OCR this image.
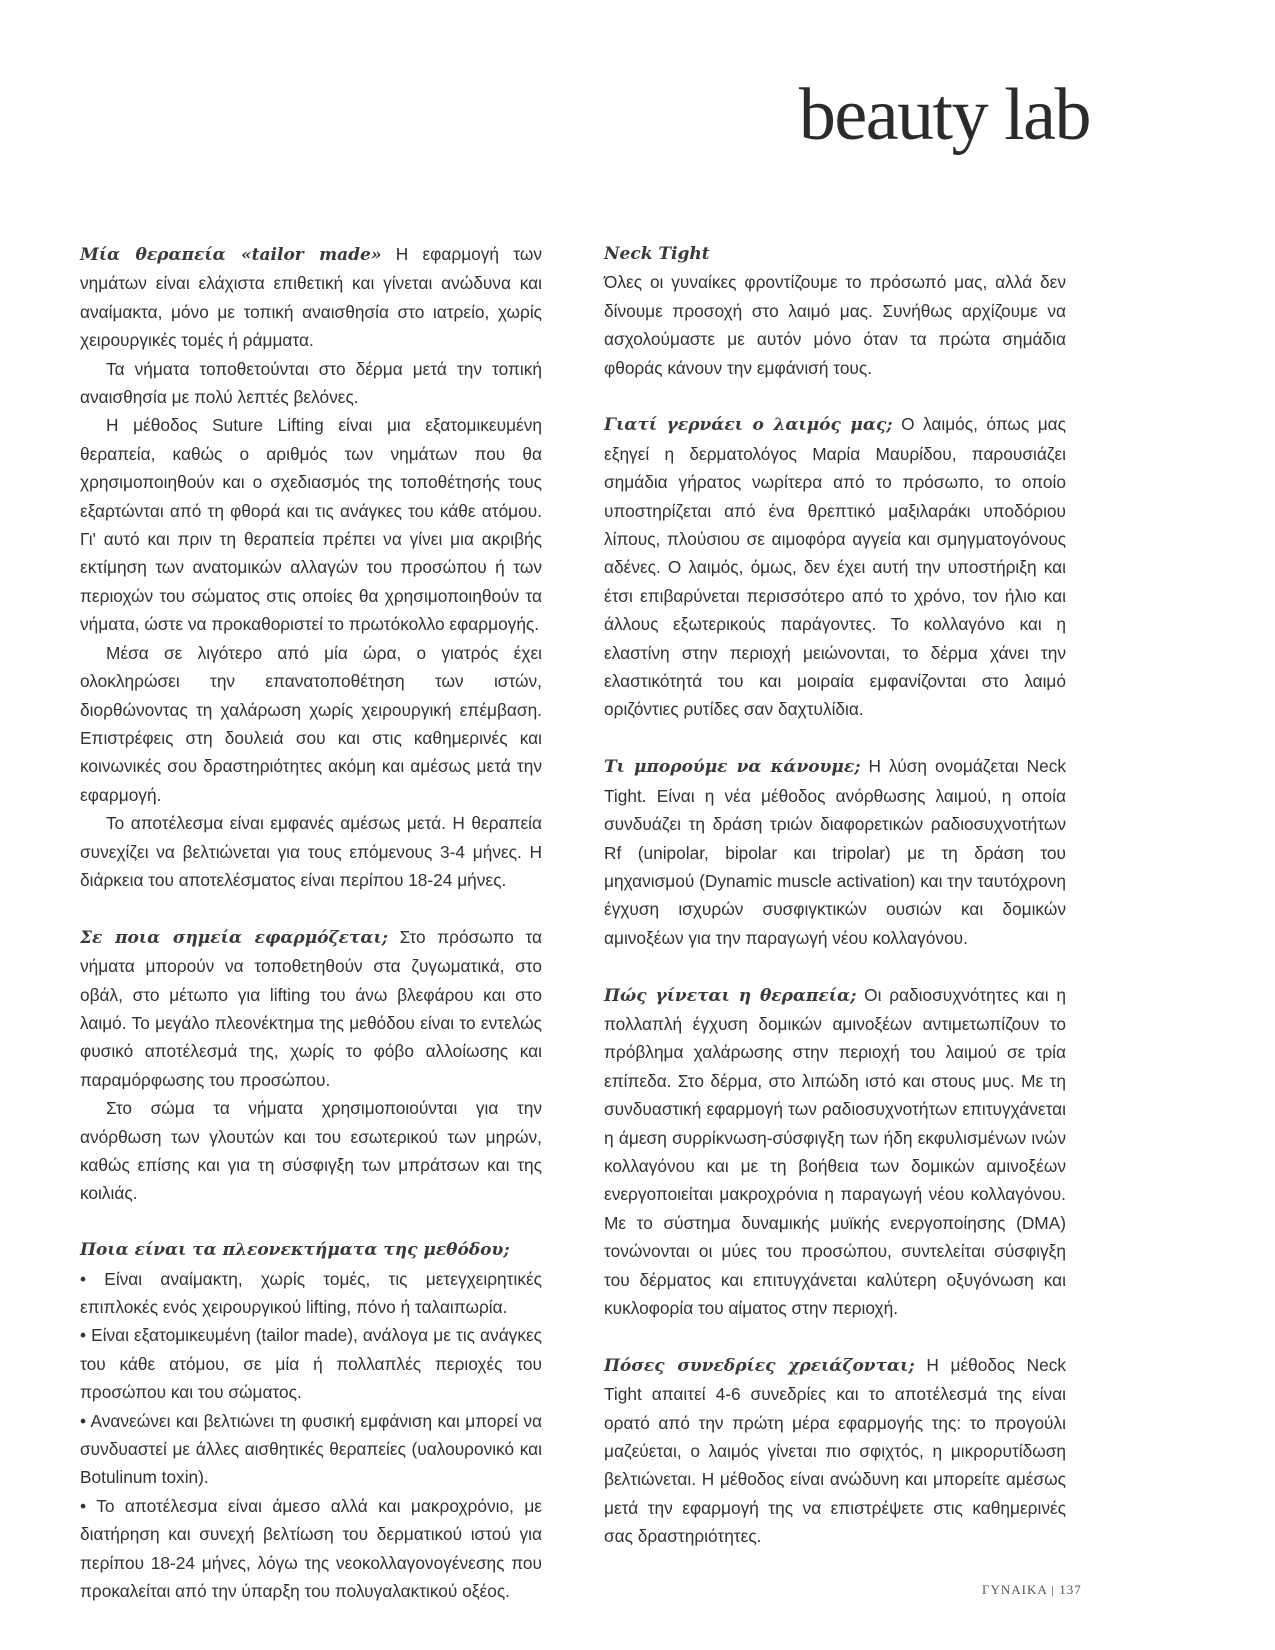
beauty lab

Μία θεραπεία «tailor made» Η εφαρμογή των νημάτων είναι ελάχιστα επιθετική και γίνεται ανώδυνα και αναίμακτα, μόνο με τοπική αναισθησία στο ιατρείο, χωρίς χειρουργικές τομές ή ράμματα.

Τα νήματα τοποθετούνται στο δέρμα μετά την τοπική αναισθησία με πολύ λεπτές βελόνες.

Η μέθοδος Suture Lifting είναι μια εξατομικευμένη θεραπεία, καθώς ο αριθμός των νημάτων που θα χρησιμοποιηθούν και ο σχεδιασμός της τοποθέτησής τους εξαρτώνται από τη φθορά και τις ανάγκες του κάθε ατόμου. Γι' αυτό και πριν τη θεραπεία πρέπει να γίνει μια ακριβής εκτίμηση των ανατομικών αλλαγών του προσώπου ή των περιοχών του σώματος στις οποίες θα χρησιμοποιηθούν τα νήματα, ώστε να προκαθοριστεί το πρωτόκολλο εφαρμογής.

Μέσα σε λιγότερο από μία ώρα, ο γιατρός έχει ολοκληρώσει την επανατοποθέτηση των ιστών, διορθώνοντας τη χαλάρωση χωρίς χειρουργική επέμβαση. Επιστρέφεις στη δουλειά σου και στις καθημερινές και κοινωνικές σου δραστηριότητες ακόμη και αμέσως μετά την εφαρμογή.

Το αποτέλεσμα είναι εμφανές αμέσως μετά. Η θεραπεία συνεχίζει να βελτιώνεται για τους επόμενους 3-4 μήνες. Η διάρκεια του αποτελέσματος είναι περίπου 18-24 μήνες.

Σε ποια σημεία εφαρμόζεται; Στο πρόσωπο τα νήματα μπορούν να τοποθετηθούν στα ζυγωματικά, στο οβάλ, στο μέτωπο για lifting του άνω βλεφάρου και στο λαιμό. Το μεγάλο πλεονέκτημα της μεθόδου είναι το εντελώς φυσικό αποτέλεσμά της, χωρίς το φόβο αλλοίωσης και παραμόρφωσης του προσώπου.

Στο σώμα τα νήματα χρησιμοποιούνται για την ανόρθωση των γλουτών και του εσωτερικού των μηρών, καθώς επίσης και για τη σύσφιγξη των μπράτσων και της κοιλιάς.

Ποια είναι τα πλεονεκτήματα της μεθόδου;

• Είναι αναίμακτη, χωρίς τομές, τις μετεγχειρητικές επιπλοκές ενός χειρουργικού lifting, πόνο ή ταλαιπωρία.

• Είναι εξατομικευμένη (tailor made), ανάλογα με τις ανάγκες του κάθε ατόμου, σε μία ή πολλαπλές περιοχές του προσώπου και του σώματος.

• Ανανεώνει και βελτιώνει τη φυσική εμφάνιση και μπορεί να συνδυαστεί με άλλες αισθητικές θεραπείες (υαλουρονικό και Botulinum toxin).

• Το αποτέλεσμα είναι άμεσο αλλά και μακροχρόνιο, με διατήρηση και συνεχή βελτίωση του δερματικού ιστού για περίπου 18-24 μήνες, λόγω της νεοκολλαγονογένεσης που προκαλείται από την ύπαρξη του πολυγαλακτικού οξέος.

Neck Tight

Όλες οι γυναίκες φροντίζουμε το πρόσωπό μας, αλλά δεν δίνουμε προσοχή στο λαιμό μας. Συνήθως αρχίζουμε να ασχολούμαστε με αυτόν μόνο όταν τα πρώτα σημάδια φθοράς κάνουν την εμφάνισή τους.

Γιατί γερνάει ο λαιμός μας; Ο λαιμός, όπως μας εξηγεί η δερματολόγος Μαρία Μαυρίδου, παρουσιάζει σημάδια γήρατος νωρίτερα από το πρόσωπο, το οποίο υποστηρίζεται από ένα θρεπτικό μαξιλαράκι υποδόριου λίπους, πλούσιου σε αιμοφόρα αγγεία και σμηγματογόνους αδένες. Ο λαιμός, όμως, δεν έχει αυτή την υποστήριξη και έτσι επιβαρύνεται περισσότερο από το χρόνο, τον ήλιο και άλλους εξωτερικούς παράγοντες. Το κολλαγόνο και η ελαστίνη στην περιοχή μειώνονται, το δέρμα χάνει την ελαστικότητά του και μοιραία εμφανίζονται στο λαιμό οριζόντιες ρυτίδες σαν δαχτυλίδια.

Τι μπορούμε να κάνουμε; Η λύση ονομάζεται Neck Tight. Είναι η νέα μέθοδος ανόρθωσης λαιμού, η οποία συνδυάζει τη δράση τριών διαφορετικών ραδιοσυχνοτήτων Rf (unipolar, bipolar και tripolar) με τη δράση του μηχανισμού (Dynamic muscle activation) και την ταυτόχρονη έγχυση ισχυρών συσφιγκτικών ουσιών και δομικών αμινοξέων για την παραγωγή νέου κολλαγόνου.

Πώς γίνεται η θεραπεία; Οι ραδιοσυχνότητες και η πολλαπλή έγχυση δομικών αμινοξέων αντιμετωπίζουν το πρόβλημα χαλάρωσης στην περιοχή του λαιμού σε τρία επίπεδα. Στο δέρμα, στο λιπώδη ιστό και στους μυς. Με τη συνδυαστική εφαρμογή των ραδιοσυχνοτήτων επιτυγχάνεται η άμεση συρρίκνωση-σύσφιγξη των ήδη εκφυλισμένων ινών κολλαγόνου και με τη βοήθεια των δομικών αμινοξέων ενεργοποιείται μακροχρόνια η παραγωγή νέου κολλαγόνου. Με το σύστημα δυναμικής μυϊκής ενεργοποίησης (DMA) τονώνονται οι μύες του προσώπου, συντελείται σύσφιγξη του δέρματος και επιτυγχάνεται καλύτερη οξυγόνωση και κυκλοφορία του αίματος στην περιοχή.

Πόσες συνεδρίες χρειάζονται; Η μέθοδος Neck Tight απαιτεί 4-6 συνεδρίες και το αποτέλεσμά της είναι ορατό από την πρώτη μέρα εφαρμογής της: το προγούλι μαζεύεται, ο λαιμός γίνεται πιο σφιχτός, η μικρορυτίδωση βελτιώνεται. Η μέθοδος είναι ανώδυνη και μπορείτε αμέσως μετά την εφαρμογή της να επιστρέψετε στις καθημερινές σας δραστηριότητες.

ΓΥΝΑΙΚΑ | 137
